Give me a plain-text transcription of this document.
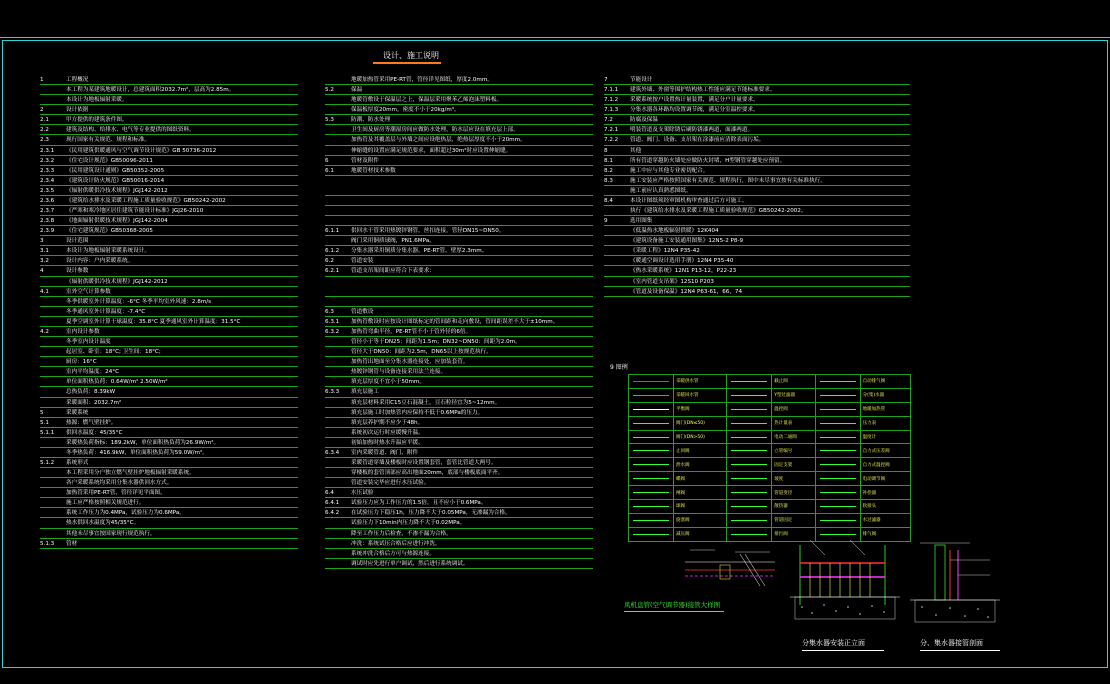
设计、施工说明
1	工程概况
本工程为某建筑地暖设计，总建筑面积2032.7m²，层高为2.85m。
本设计为地板辐射采暖。
2	设计依据
2.1	甲方提供的建筑条件图。
2.2	建筑及结构、给排水、电气等专业提供的图纸资料。
2.3	现行国家有关规范、规程和标准。
2.3.1	《民用建筑供暖通风与空气调节设计规范》GB 50736-2012
2.3.2	《住宅设计规范》GB50096-2011
2.3.3	《民用建筑设计通则》GB50352-2005
2.3.4	《建筑设计防火规范》GB50016-2014
2.3.5	《辐射供暖供冷技术规程》JGJ142-2012
2.3.6	《建筑给水排水及采暖工程施工质量验收规范》GB50242-2002
2.3.7	《严寒和寒冷地区居住建筑节能设计标准》JGJ26-2010
2.3.8	《地面辐射供暖技术规程》JGJ142-2004
2.3.9	《住宅建筑规范》GB50368-2005
3	设计范围
3.1	本设计为地板辐射采暖系统设计。
3.2	设计内容：户内采暖系统。
4	设计参数
《辐射供暖供冷技术规程》JGJ142-2012
4.1	室外空气计算参数
冬季供暖室外计算温度：-6°C 冬季平均室外风速：2.8m/s
冬季通风室外计算温度：-7.4°C
夏季空调室外计算干球温度：35.8°C 夏季通风室外计算温度：31.5°C
4.2	室内设计参数
冬季室内设计温度
起居室、卧室：18°C; 卫生间：18°C;
厨房：16°C
室内平均温度：24°C
单位面积热负荷：0.64W/m² 2.50W/m²
总热负荷：8.39kW
采暖面积：2032.7m²
5	采暖系统
5.1	热源：燃气壁挂炉。
5.1.1	供回水温度：45/35°C
采暖热负荷指标：189.2kW，单位面积热负荷为26.9W/m²。
冬季热负荷：416.9kW，单位面积热负荷为59.0W/m²。
5.1.2	系统形式
本工程采用分户独立燃气壁挂炉地板辐射采暖系统。
各户采暖系统均采用分集水器供回水方式。
加热管采用PE-RT管，管径详见平面图。
施工应严格按照相关规范进行。
系统工作压力为0.4MPa，试验压力为0.6MPa。
热水供回水温度为45/35°C。
其他未尽事宜按国家现行规范执行。
5.1.3	管材
地暖加热管采用PE-RT管，管径详见图纸，厚度2.0mm。
5.2	保温
地暖管敷设于保温层之上，保温层采用聚苯乙烯泡沫塑料板。
保温板厚度20mm，密度不小于20kg/m³。
5.3	防潮、防水处理
卫生间及厨房等潮湿房间应做防水处理，防水层应设在填充层上部。
加热管及其覆盖层与外墙之间应设绝热层，绝热层厚度不小于20mm。
伸缩缝的设置应满足规范要求，面积超过30m²时应设置伸缩缝。
6	管材及附件
6.1	地暖管材技术参数
6.1.1	供回水干管采用热镀锌钢管，丝扣连接，管径DN15~DN50。
阀门采用铜质球阀，PN1.6MPa。
6.1.2	分集水器采用铜质分集水器，PE-RT管，壁厚2.3mm。
6.2	管道安装
6.2.1	管道支吊架间距应符合下表要求：
6.3	管道敷设
6.3.1	加热管敷设时应按设计图纸标定的管间距和走向敷设，管间距误差不大于±10mm。
6.3.2	加热管弯曲半径，PE-RT管不小于管外径的6倍。
管径小于等于DN25：间距为1.5m；DN32~DN50：间距为2.0m。
管径大于DN50：间距为2.5m，DN65以上按规范执行。
加热管出地面至分集水器连接处，应加装套管。
热镀锌钢管与设备连接采用法兰连接。
填充层厚度不宜小于50mm。
6.3.3	填充层施工
填充层材料采用C15豆石混凝土，豆石粒径宜为5~12mm。
填充层施工时加热管内应保持不低于0.6MPa的压力。
填充层养护期不应少于48h。
系统初次运行时应缓慢升温。
初始加热时热水升温应平缓。
6.3.4	室内采暖管道、阀门、附件
采暖管道穿墙及楼板时应设置钢套管，套管比管道大两号。
穿楼板的套管顶部应高出地面20mm，底部与楼板底面平齐。
管道安装完毕应进行水压试验。
6.4	水压试验
6.4.1	试验压力应为工作压力的1.5倍，且不应小于0.6MPa。
6.4.2	在试验压力下稳压1h，压力降不大于0.05MPa，无渗漏为合格。
试验压力下10min内压力降不大于0.02MPa。
降至工作压力后检查，不渗不漏为合格。
冲洗：系统试压合格后应进行冲洗。
系统冲洗合格后方可与热源连接。
调试时应先进行单户调试，然后进行系统调试。
7	节能设计
7.1.1	建筑外墙、外窗等围护结构热工性能应满足节能标准要求。
7.1.2	采暖系统按户设置热计量装置，满足分户计量要求。
7.1.3	分集水器各环路均设置调节阀，满足分室温控要求。
7.2	防腐及保温
7.2.1	明装管道及支架除锈后刷防锈漆两道，面漆两道。
7.2.2	管道、阀门、设备、支吊架在涂漆前应清除表面污垢。
8	其他
8.1	所有管道穿越防火墙处应做防火封堵，H型钢管穿越处应预留。
8.2	施工中应与其他专业密切配合。
8.3	施工安装应严格按照国家有关规范、规程执行，图中未尽事宜按有关标准执行。
施工前应认真熟悉图纸。
8.4	本设计图纸须经审图机构审查通过后方可施工。
执行《建筑给水排水及采暖工程施工质量验收规范》GB50242-2002。
9	选用图集
《低温热水地板辐射供暖》12K404
《建筑设备施工安装通用图集》12N5-2 P8-9
《采暖工程》12N4 P35-42
《暖通空调设计选用手册》12N4 P35-40
《热水采暖系统》12N1 P13-12，P22-23
《室内管道支吊架》12S10 P203
《管道及设备保温》12N4 P63-61，66，74
9 图例
	采暖供水管		截止阀		自动排气阀

	采暖回水管		Y型过滤器		分(集)水器

	平衡阀		温控阀		地暖加热管

	阀门(DN≤50)		热计量表		压力表

	阀门(DN>50)		电动二通阀		温度计

	止回阀		立管编号		自力式压差阀

	泄水阀		固定支架		自力式温控阀

	蝶阀		坡度		电动调节阀

	闸阀		管道变径		补偿器

	球阀		散热器		软接头

	旋塞阀		管道固定		水过滤器

	减压阀		排污阀		排气阀
风机盘管(空气调节器)接管大样图
分集水器安装正立面	分、集水器接管剖面
